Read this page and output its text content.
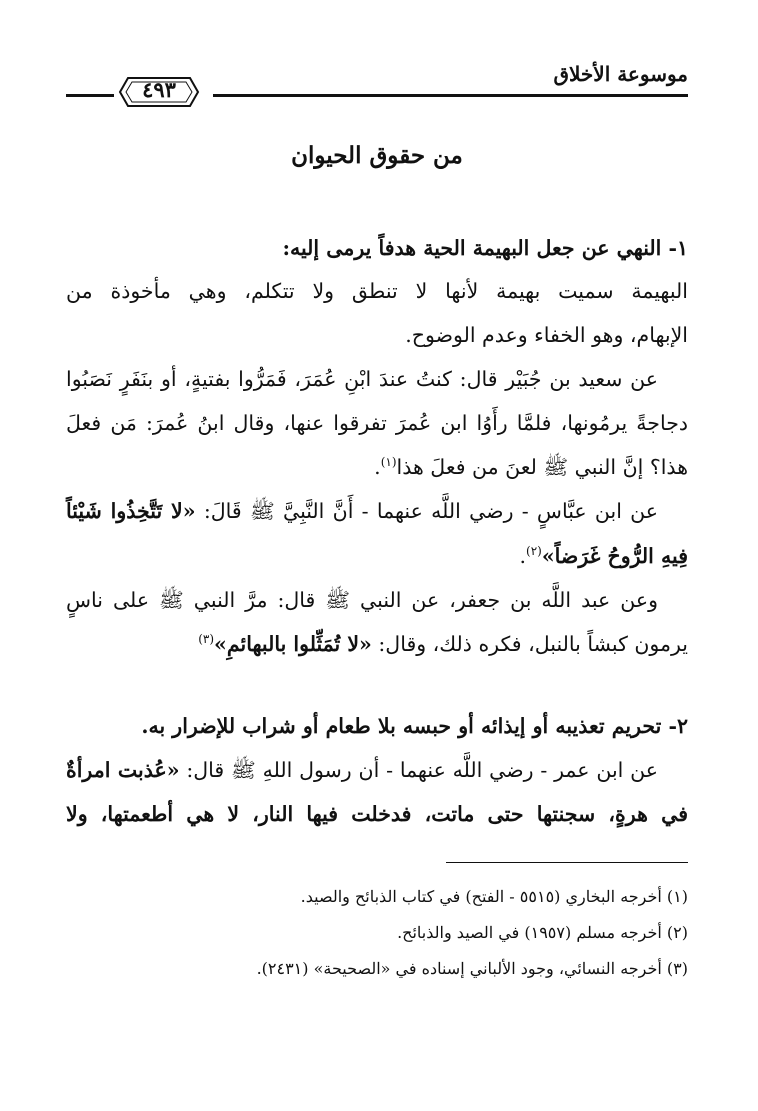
موسوعة الأخلاق
٤٩٣
من حقوق الحيوان
١- النهي عن جعل البهيمة الحية هدفاً يرمى إليه:
البهيمة سميت بهيمة لأنها لا تنطق ولا تتكلم، وهي مأخوذة من
الإبهام، وهو الخفاء وعدم الوضوح.
عن سعيد بن جُبَيْر قال: كنتُ عندَ ابْنِ عُمَرَ، فَمَرُّوا بفتيةٍ، أو بنَفَرٍ نَصَبُوا
دجاجةً يرمُونها، فلمَّا رأَوُا ابن عُمرَ تفرقوا عنها، وقال ابنُ عُمرَ: مَن فعلَ
هذا؟ إنَّ النبي ﷺ لعنَ من فعلَ هذا$^{(١)}$.
عن ابن عبَّاسٍ - رضي اللَّه عنهما - أَنَّ النَّبِيَّ ﷺ قَالَ: «لا تَتَّخِذُوا شَيْئاً
فِيهِ الرُّوحُ غَرَضاً»$^{(٢)}$.
وعن عبد اللَّه بن جعفر، عن النبي ﷺ قال: مرَّ النبي ﷺ على ناسٍ
يرمون كبشاً بالنبل، فكره ذلك، وقال: «لا تُمَثِّلوا بالبهائمِ»$^{(٣)}$
٢- تحريم تعذيبه أو إيذائه أو حبسه بلا طعام أو شراب للإضرار به.
عن ابن عمر - رضي اللَّه عنهما - أن رسول اللهِ ﷺ قال: «عُذبت امرأةٌ
في هرةٍ، سجنتها حتى ماتت، فدخلت فيها النار، لا هي أطعمتها، ولا
(١) أخرجه البخاري (٥٥١٥ - الفتح) في كتاب الذبائح والصيد.
(٢) أخرجه مسلم (١٩٥٧) في الصيد والذبائح.
(٣) أخرجه النسائي، وجود الألباني إسناده في «الصحيحة» (٢٤٣١).
